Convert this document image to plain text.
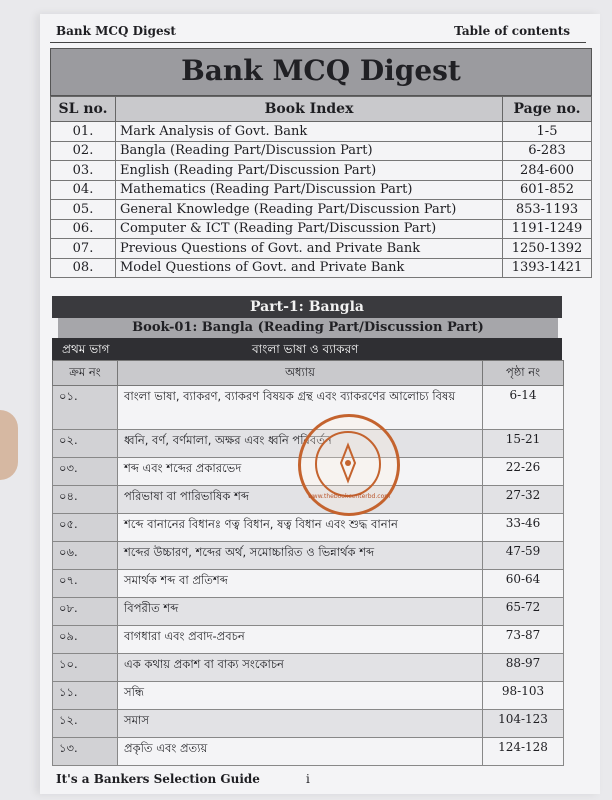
Bank MCQ Digest	Table of contents
Bank MCQ Digest
SL no.	Book Index	Page no.
01.	Mark Analysis of Govt. Bank	1-5
02.	Bangla (Reading Part/Discussion Part)	6-283
03.	English (Reading Part/Discussion Part)	284-600
04.	Mathematics (Reading Part/Discussion Part)	601-852
05.	General Knowledge (Reading Part/Discussion Part)	853-1193
06.	Computer & ICT (Reading Part/Discussion Part)	1191-1249
07.	Previous Questions of Govt. and Private Bank	1250-1392
08.	Model Questions of Govt. and Private Bank	1393-1421
Part-1: Bangla
Book-01: Bangla (Reading Part/Discussion Part)
প্রথম ভাগ	বাংলা ভাষা ও ব্যাকরণ
ক্রম নং	অধ্যায়	পৃষ্ঠা নং
০১.	বাংলা ভাষা, ব্যাকরণ, ব্যাকরণ বিষয়ক গ্রন্থ এবং ব্যাকরণের আলোচ্য বিষয়	6-14
০২.	ধ্বনি, বর্ণ, বর্ণমালা, অক্ষর এবং ধ্বনি পরিবর্তন	15-21
০৩.	শব্দ এবং শব্দের প্রকারভেদ	22-26
০৪.	পরিভাষা বা পারিভাষিক শব্দ	27-32
০৫.	শব্দে বানানের বিধানঃ ণত্ব বিধান, ষত্ব বিধান এবং শুদ্ধ বানান	33-46
০৬.	শব্দের উচ্চারণ, শব্দের অর্থ, সমোচ্চারিত ও ভিন্নার্থক শব্দ	47-59
০৭.	সমার্থক শব্দ বা প্রতিশব্দ	60-64
০৮.	বিপরীত শব্দ	65-72
০৯.	বাগধারা এবং প্রবাদ-প্রবচন	73-87
১০.	এক কথায় প্রকাশ বা বাক্য সংকোচন	88-97
১১.	সন্ধি	98-103
১২.	সমাস	104-123
১৩.	প্রকৃতি এবং প্রত্যয়	124-128
www.thebookcenterbd.com
It's a Bankers Selection Guide	i
